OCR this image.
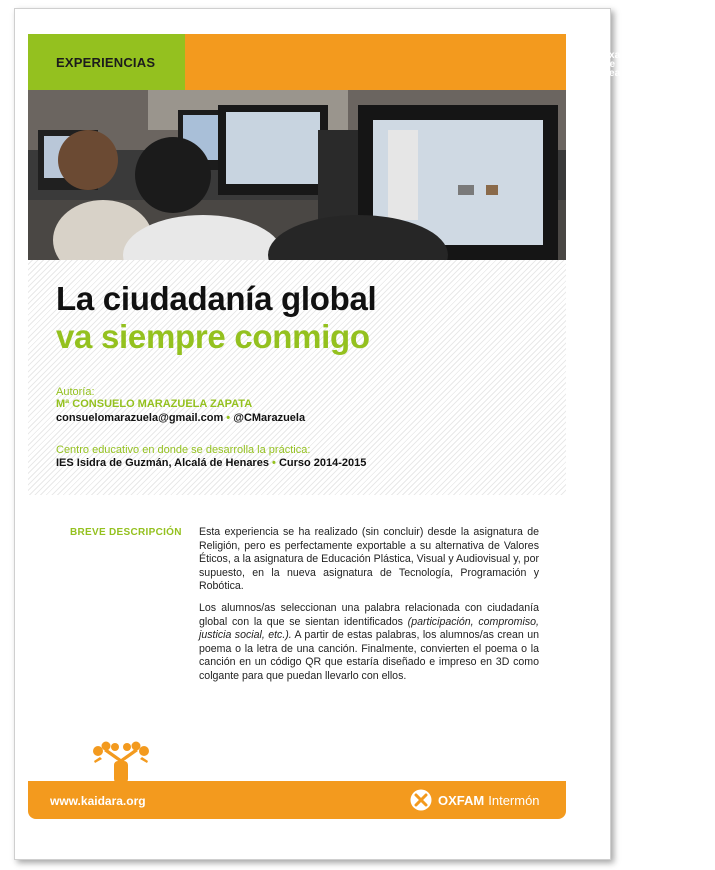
EXPERIENCIAS
red
xarxa
rede
sarea
educadoras y educadores
para una ciudadanía global
educadores i educadores
per a una ciutadania global
educadoras e educadores
para unha cidadanía global
hezitzaileak herritar
globalerantz
La ciudadanía global
va siempre conmigo
Autoría:
Mª CONSUELO MARAZUELA ZAPATA
consuelomarazuela@gmail.com • @CMarazuela
Centro educativo en donde se desarrolla la práctica:
IES Isidra de Guzmán, Alcalá de Henares • Curso 2014-2015
BREVE DESCRIPCIÓN Esta experiencia se ha realizado (sin concluir) desde la asignatura de Religión, pero es perfectamente exportable a su alternativa de Valores Éticos, a la asignatura de Educación Plástica, Visual y Audiovisual y, por supuesto, en la nueva asignatura de Tecnología, Programación y Robótica.

Los alumnos/as seleccionan una palabra relacionada con ciudadanía global con la que se sientan identificados (participación, compromiso, justicia social, etc.). A partir de estas palabras, los alumnos/as crean un poema o la letra de una canción. Finalmente, convierten el poema o la canción en un código QR que estaría diseñado e impreso en 3D como colgante para que puedan llevarlo con ellos.

www.kaidara.org	OXFAM Intermón
